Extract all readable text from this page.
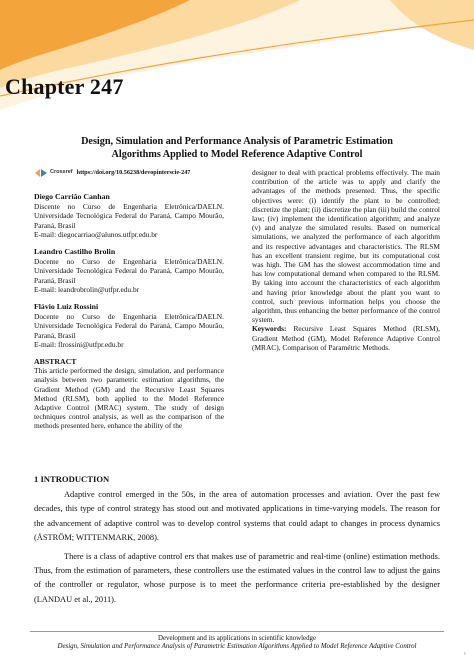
Chapter 247
Design, Simulation and Performance Analysis of Parametric Estimation
Algorithms Applied to Model Reference Adaptive Control
Crossref https://doi.org/10.56238/devopinterscie-247
Diego Carrião Canhan

Discente no Curso de Engenharia Eletrônica/DAELN. Universidade Tecnológica Federal do Paraná, Campo Mourão, Paraná, Brasil

E-mail: diegocarriao@alunos.utfpr.edu.br

Leandro Castilho Brolin

Docente no Curso de Engenharia Eletrônica/DAELN. Universidade Tecnológica Federal do Paraná, Campo Mourão, Paraná, Brasil

E-mail: leandrobrolin@utfpr.edu.br

Flávio Luiz Rossini

Docente no Curso de Engenharia Eletrônica/DAELN. Universidade Tecnológica Federal do Paraná, Campo Mourão, Paraná, Brasil

E-mail: flrossini@utfpr.edu.br

ABSTRACT

This article performed the design, simulation, and performance analysis between two parametric estimation algorithms, the Gradient Method (GM) and the Recursive Least Squares Method (RLSM), both applied to the Model Reference Adaptive Control (MRAC) system. The study of design techniques control analysis, as well as the comparison of the methods presented here, enhance the ability of the

designer to deal with practical problems effectively. The main contribution of the article was to apply and clarify the advantages of the methods presented. Thus, the specific objectives were: (i) identify the plant to be controlled; discretize the plant; (ii) discretize the plan (iii) build the control law; (iv) implement the identification algorithm; and analyze (v) and analyze the simulated results. Based on numerical simulations, we analyzed the performance of each algorithm and its respective advantages and characteristics. The RLSM has an excellent transient regime, but its computational cost was high. The GM has the slowest accommodation time and has low computational demand when compared to the RLSM. By taking into account the characteristics of each algorithm and having prior knowledge about the plant you want to control, such previous information helps you choose the algorithm, thus enhancing the better performance of the control system.

Keywords: Recursive Least Squares Method (RLSM), Gradient Method (GM), Model Reference Adaptive Control (MRAC), Comparison of Paramétric Methods.

1 INTRODUCTION

Adaptive control emerged in the 50s, in the area of automation processes and aviation. Over the past few decades, this type of control strategy has stood out and motivated applications in time-varying models. The reason for the advancement of adaptive control was to develop control systems that could adapt to changes in process dynamics (ÅSTRÖM; WITTENMARK, 2008).

There is a class of adaptive control ers that makes use of parametric and real-time (online) estimation methods. Thus, from the estimation of parameters, these controllers use the estimated values in the control law to adjust the gains of the controller or regulator, whose purpose is to meet the performance criteria pre-established by the designer (LANDAU et al., 2011).

Development and its applications in scientific knowledge
Design, Simulation and Performance Analysis of Parametric Estimation Algorithms Applied to Model Reference Adaptive Control
1
